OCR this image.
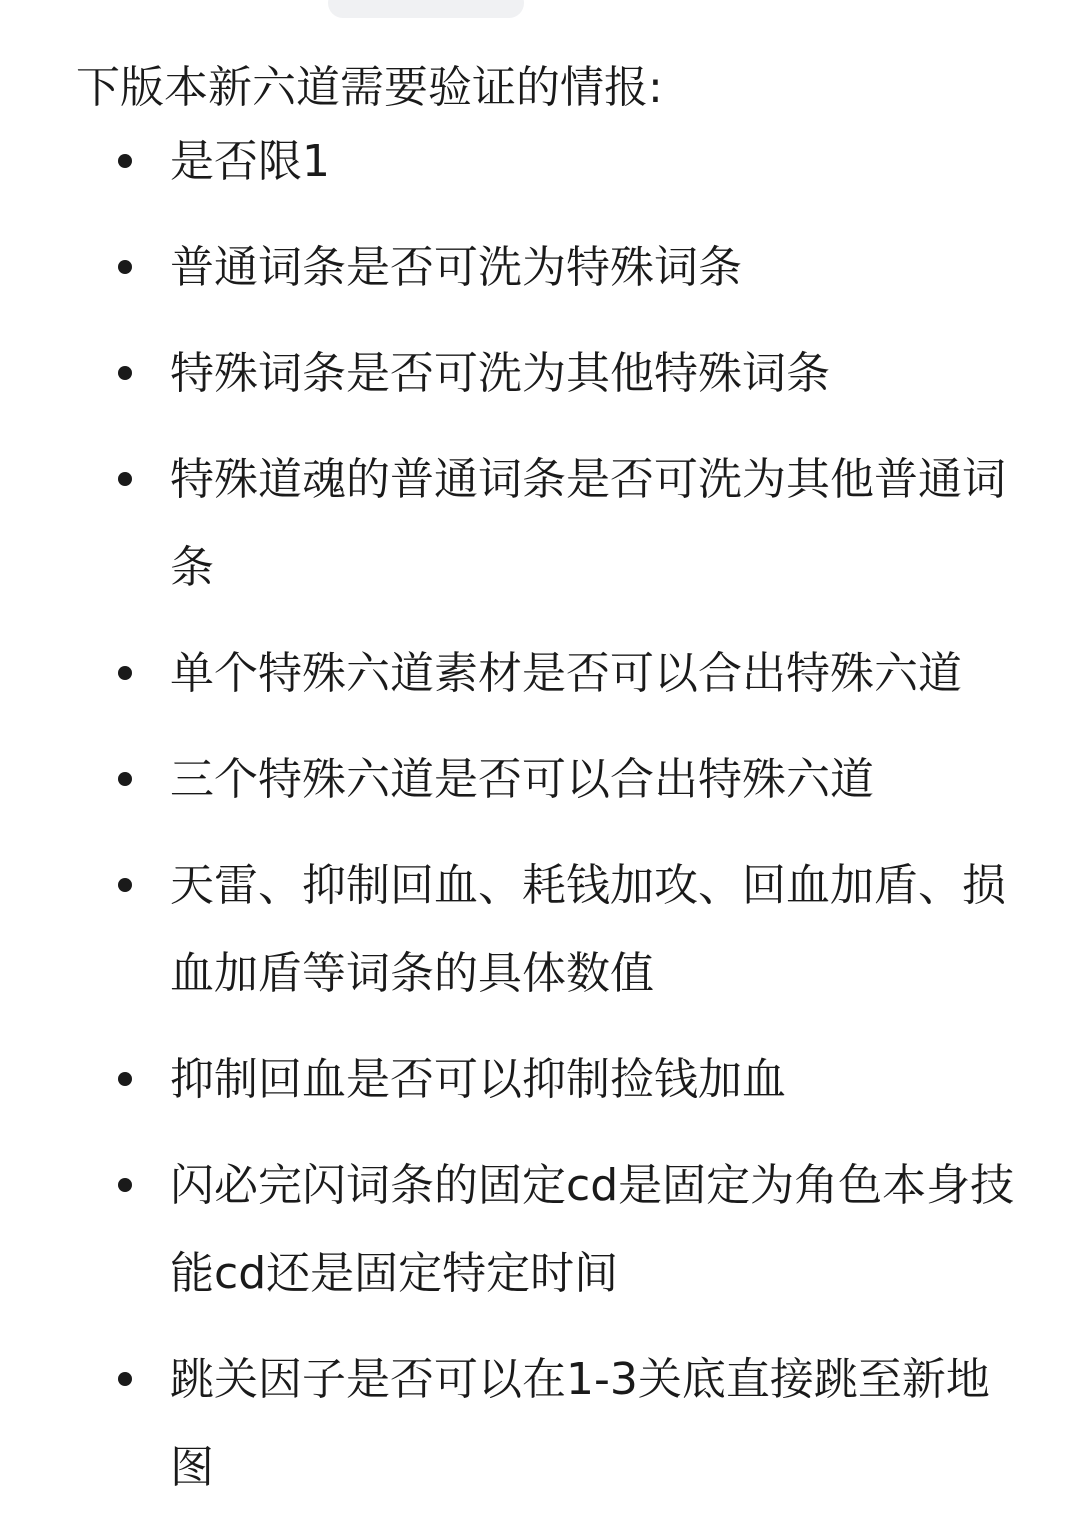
下版本新六道需要验证的情报:

是否限1
普通词条是否可洗为特殊词条
特殊词条是否可洗为其他特殊词条
特殊道魂的普通词条是否可洗为其他普通词条
单个特殊六道素材是否可以合出特殊六道
三个特殊六道是否可以合出特殊六道
天雷、抑制回血、耗钱加攻、回血加盾、损血加盾等词条的具体数值
抑制回血是否可以抑制捡钱加血
闪必完闪词条的固定cd是固定为角色本身技能cd还是固定特定时间
跳关因子是否可以在1-3关底直接跳至新地图
